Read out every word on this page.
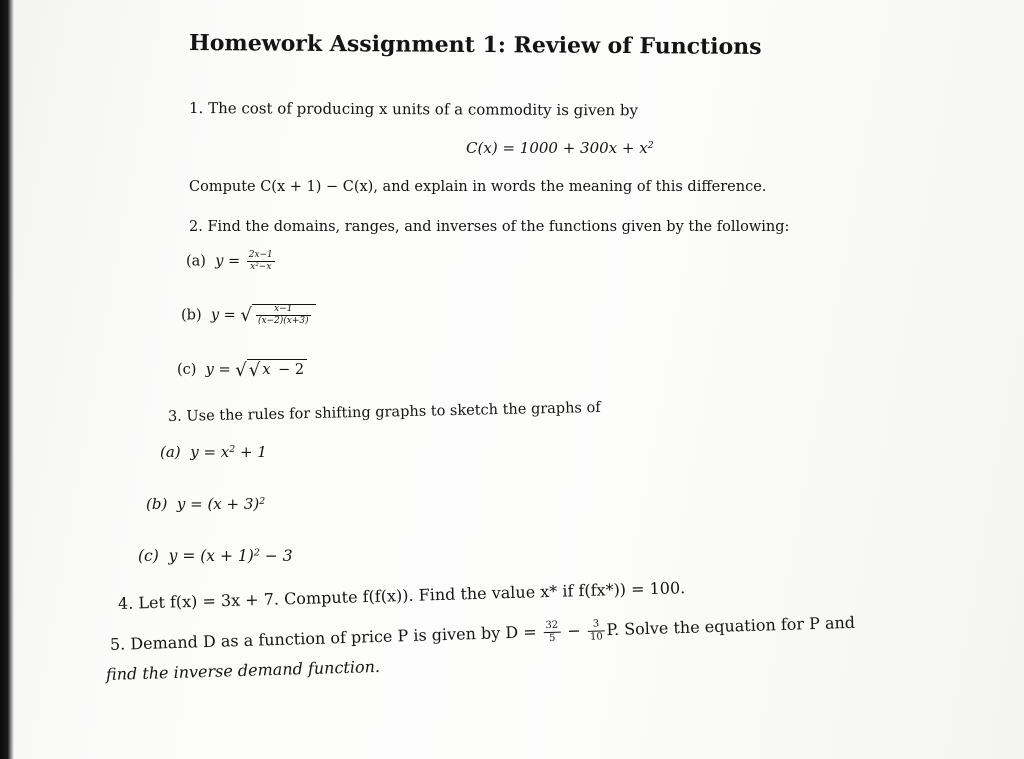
Homework Assignment 1: Review of Functions
1. The cost of producing x units of a commodity is given by
$C(x) = 1000 + 300x + x^2$
Compute C(x + 1) − C(x), and explain in words the meaning of this difference.
2. Find the domains, ranges, and inverses of the functions given by the following:
(a) $y = \frac{2x-1}{\text{x²−x}}$
(b) y = √ $\frac{x-1}{(x-2)(x+3)}$
(c) y = √ √ x − 2
3. Use the rules for shifting graphs to sketch the graphs of
(a) $y = x^2 + 1$
(b) $y = (x + 3)^2$
(c) $y = (x + 1)^2 - 3$
4. Let f(x) = 3x + 7. Compute f(f(x)). Find the value x* if f(fx*)) = 100.
5. Demand D as a function of price P is given by $D = \frac{32}{5} - \frac{3}{10} P$. Solve the equation for P and
find the inverse demand function.
